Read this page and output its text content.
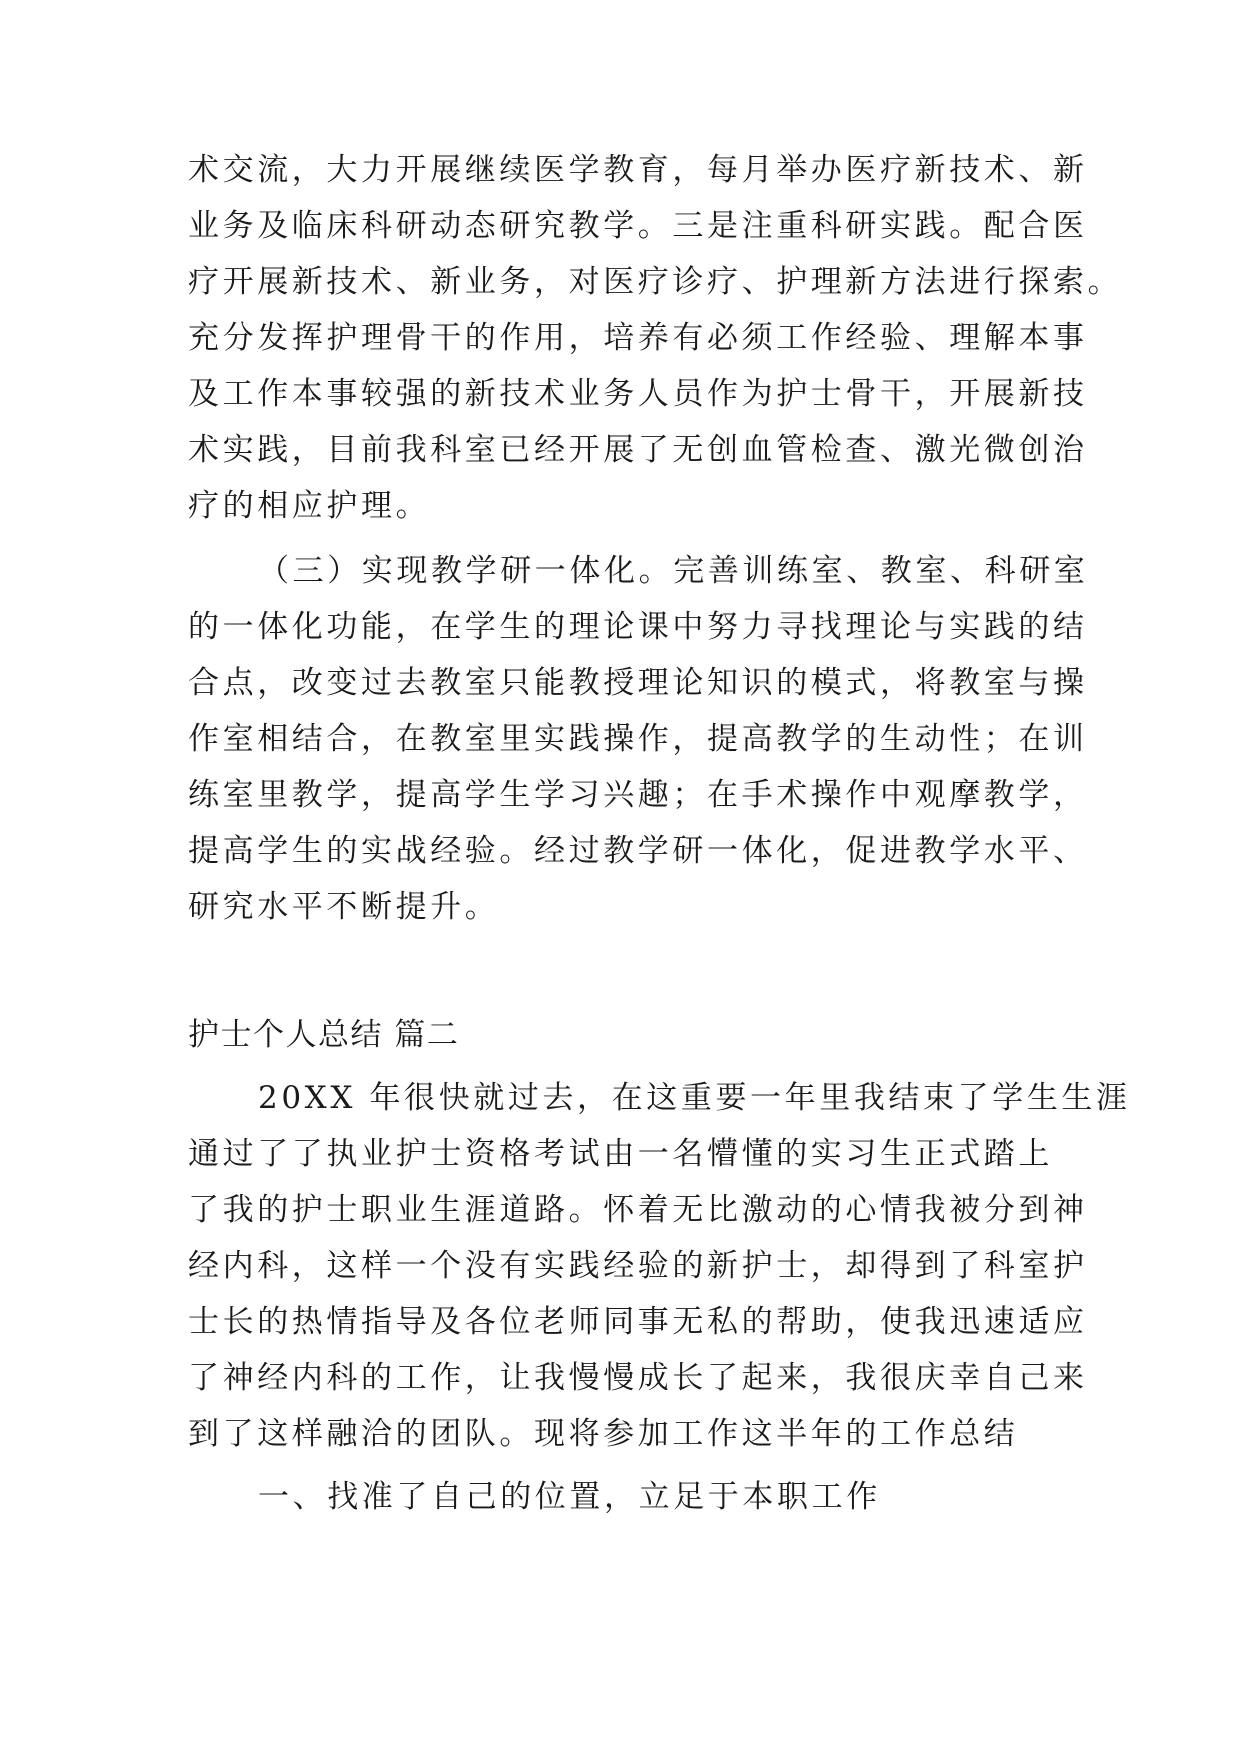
术交流，大力开展继续医学教育，每月举办医疗新技术、新
业务及临床科研动态研究教学。三是注重科研实践。配合医
疗开展新技术、新业务，对医疗诊疗、护理新方法进行探索。
充分发挥护理骨干的作用，培养有必须工作经验、理解本事
及工作本事较强的新技术业务人员作为护士骨干，开展新技
术实践，目前我科室已经开展了无创血管检查、激光微创治
疗的相应护理。
（三）实现教学研一体化。完善训练室、教室、科研室
的一体化功能，在学生的理论课中努力寻找理论与实践的结
合点，改变过去教室只能教授理论知识的模式，将教室与操
作室相结合，在教室里实践操作，提高教学的生动性；在训
练室里教学，提高学生学习兴趣；在手术操作中观摩教学，
提高学生的实战经验。经过教学研一体化，促进教学水平、
研究水平不断提升。
护士个人总结 篇二
20XX 年很快就过去，在这重要一年里我结束了学生生涯
通过了了执业护士资格考试由一名懵懂的实习生正式踏上
了我的护士职业生涯道路。怀着无比激动的心情我被分到神
经内科，这样一个没有实践经验的新护士，却得到了科室护
士长的热情指导及各位老师同事无私的帮助，使我迅速适应
了神经内科的工作，让我慢慢成长了起来，我很庆幸自己来
到了这样融洽的团队。现将参加工作这半年的工作总结
一、找准了自己的位置，立足于本职工作
